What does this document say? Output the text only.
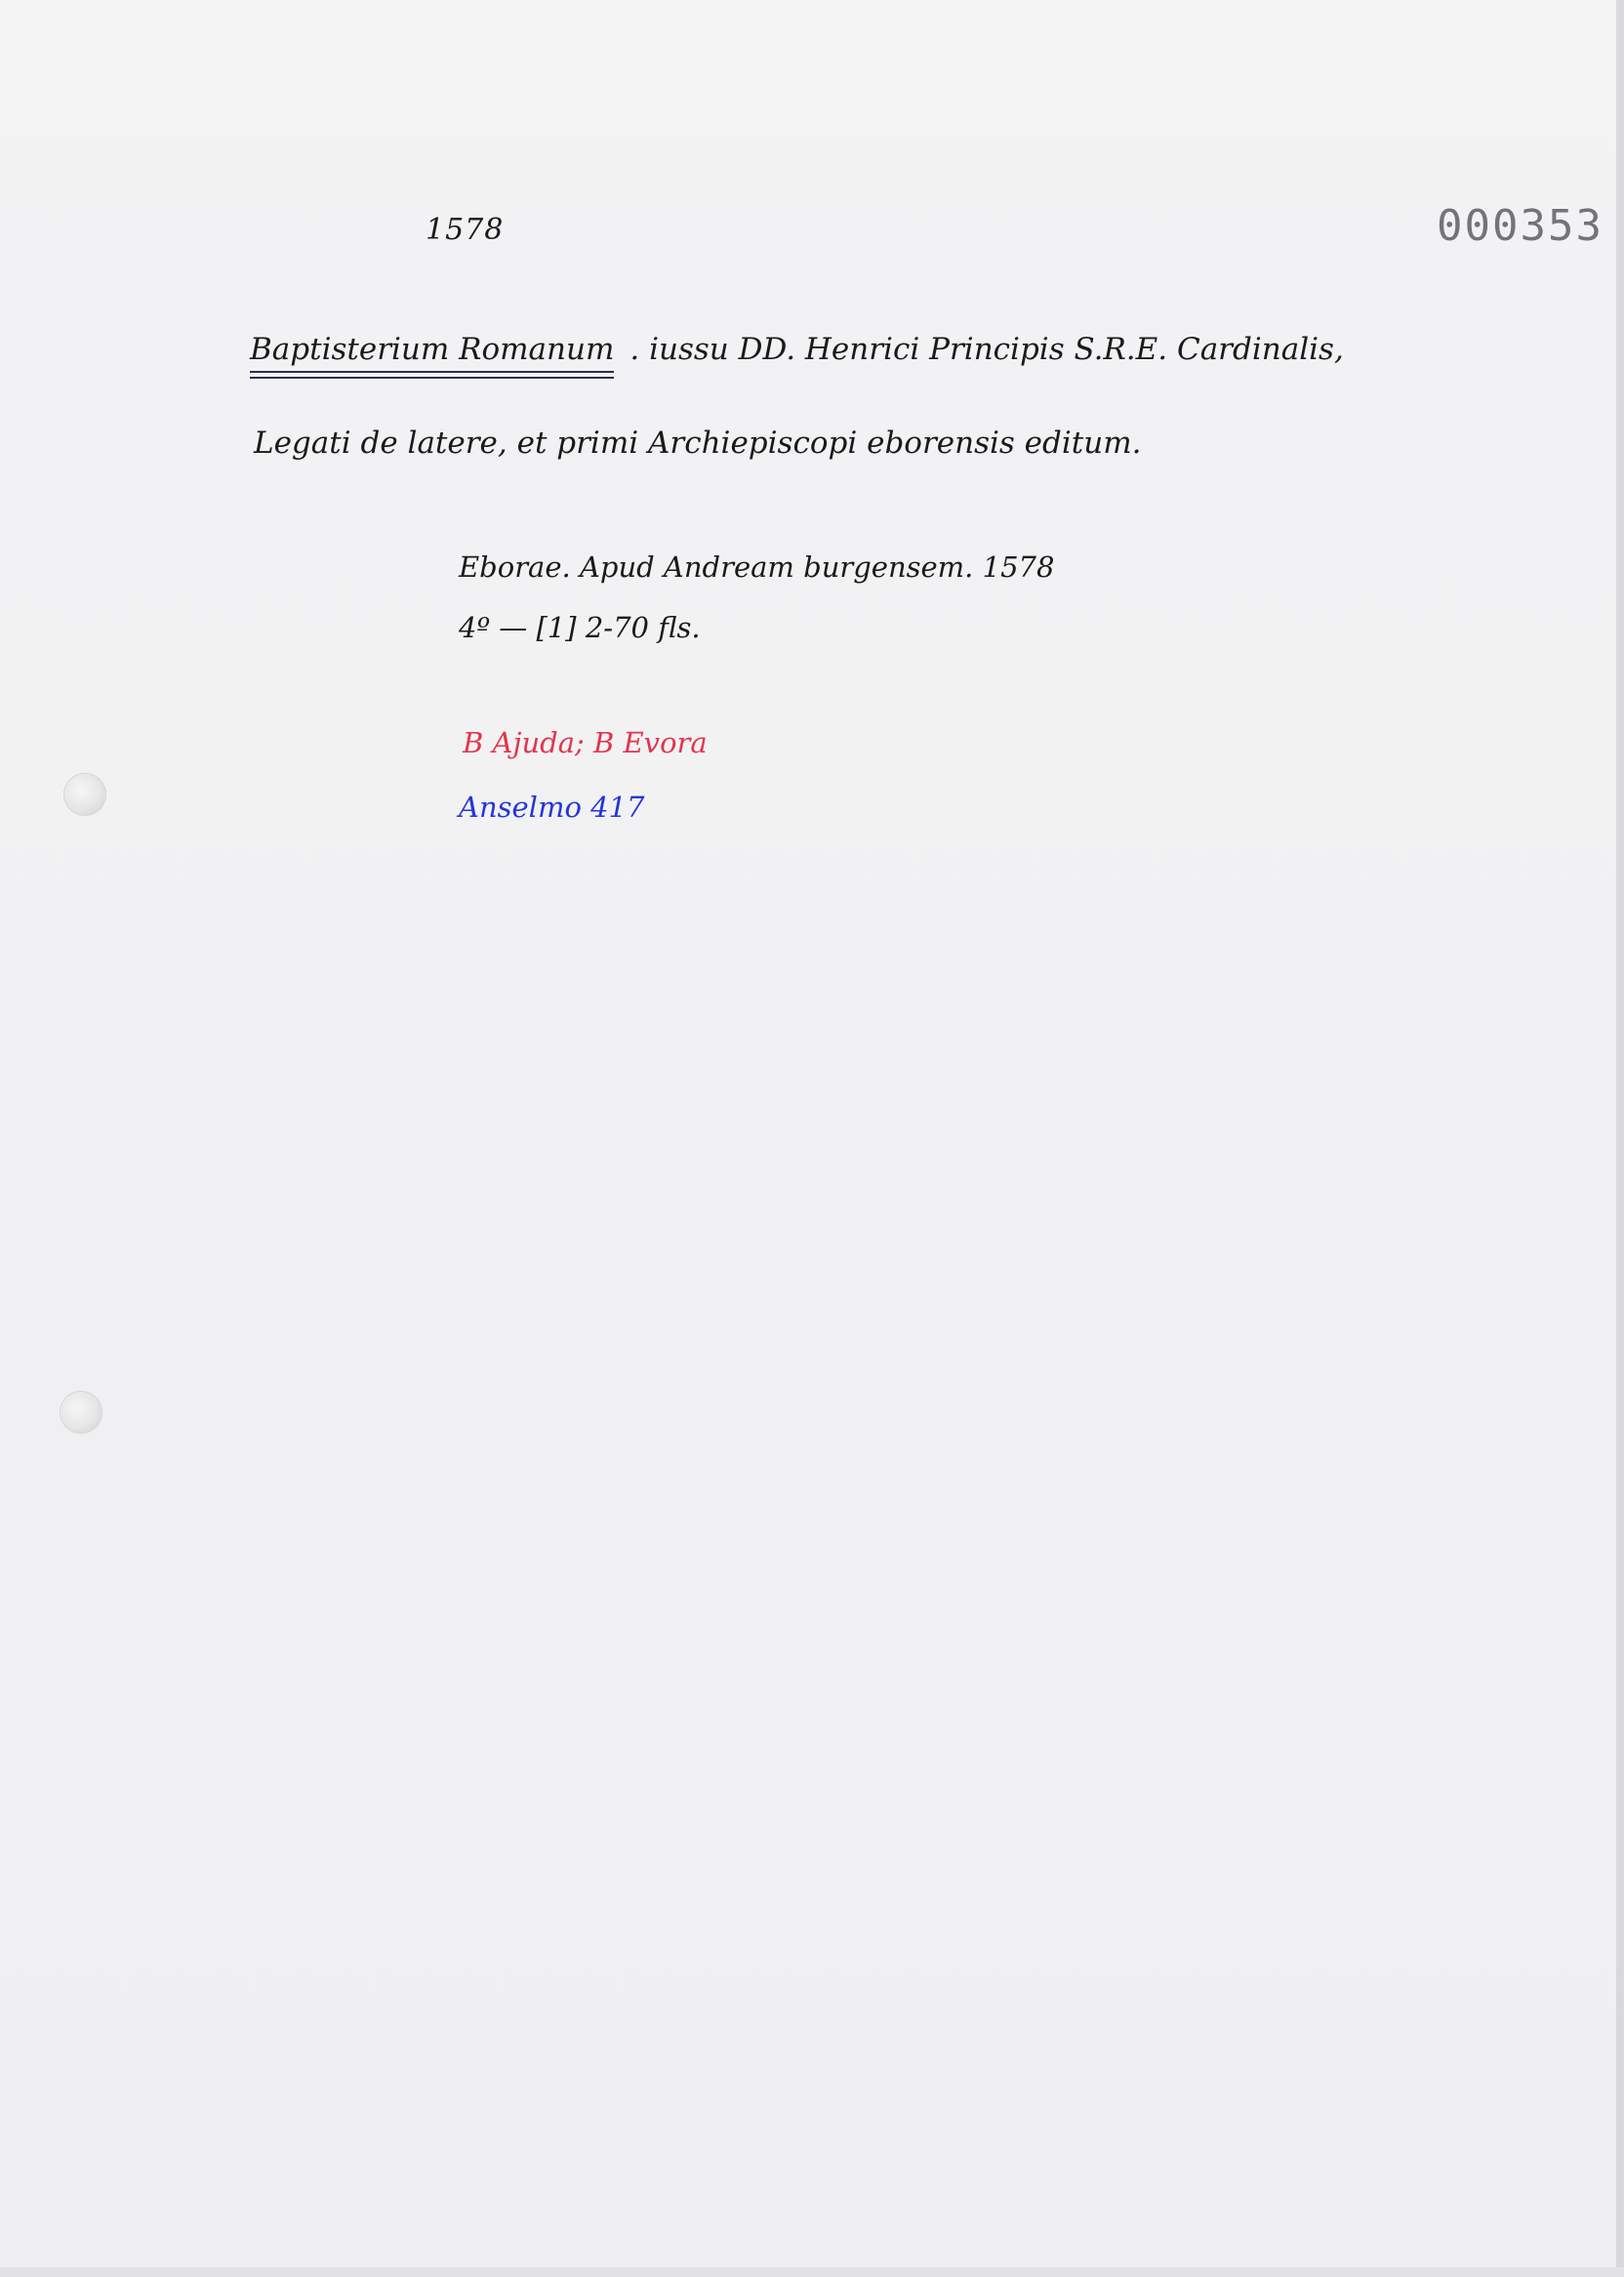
1578	000353
Baptisterium Romanum . iussu DD. Henrici Principis S.R.E. Cardinalis,
Legati de latere, et primi Archiepiscopi eborensis editum.
Eborae. Apud Andream burgensem. 1578
4º — [1] 2-70 fls.
B Ajuda; B Evora
Anselmo 417
